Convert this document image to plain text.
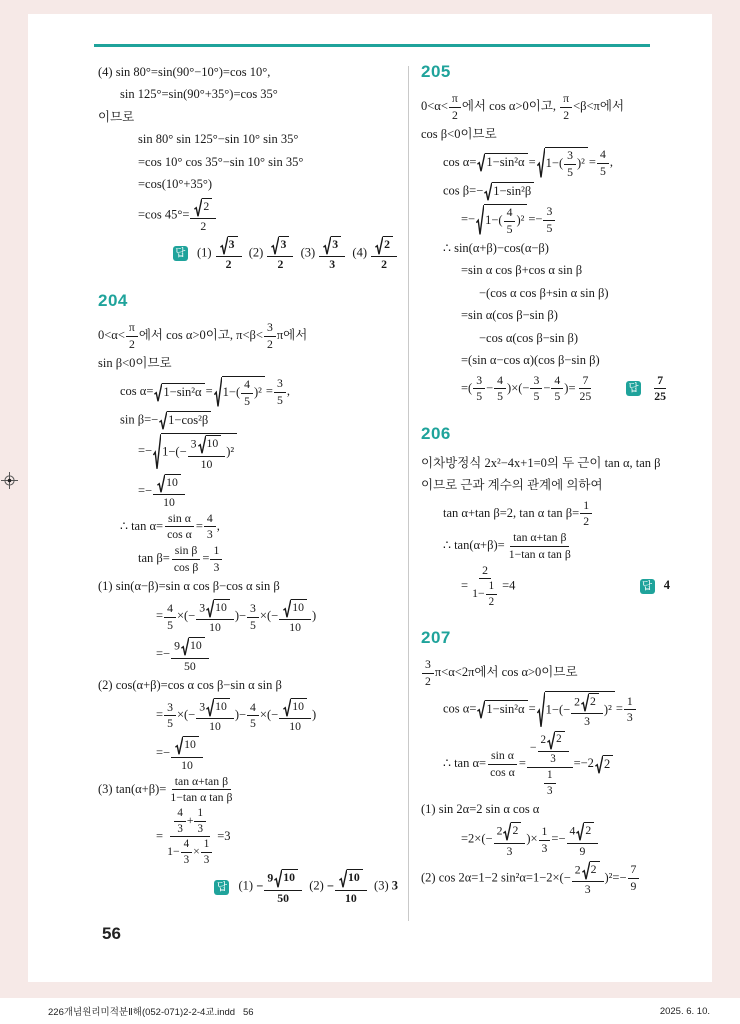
(4) sin 80°=sin(90°−10°)=cos 10°,
sin 125°=sin(90°+35°)=cos 35°
이므로
sin 80° sin 125°−sin 10° sin 35°
=cos 10° cos 35°−sin 10° sin 35°
=cos(10°+35°)
=cos $45^\circ= \frac{2}{2}$
답 $(1) \frac{3}{2} (2) \frac{3}{2} (3) \frac{3}{3} (4) \frac{2}{2}$
204
$0<\alpha< \frac{\pi}{2}$ 에서 cos α>0이고, $\pi<\beta< \frac{3}{2}$ π에서
sin β<0이므로
$\cos \alpha= 1-\sin^2\alpha = 1-( \frac{4}{5} )^2 = \frac{3}{5}$ ,
sin β=− 1−cos²β
=− $1-(- \frac{3 10}{10} )^2$
=− $\frac{10}{10}$
∴ $\tan \alpha= \frac{\text{sin α}}{\text{cos α}} = \frac{4}{3}$ ,
$\tan \beta= \frac{\text{sin β}}{\text{cos β}} = \frac{1}{3}$
(1) sin(α−β)=sin α cos β−cos α sin β
= $\frac{4}{5}$ ×(− $\frac{3 10}{10}$ )− $\frac{3}{5}$ ×(− $\frac{10}{10}$ )
=− $\frac{9 10}{50}$
(2) cos(α+β)=cos α cos β−sin α sin β
= $\frac{3}{5}$ ×(− $\frac{3 10}{10}$ )− $\frac{4}{5}$ ×(− $\frac{10}{10}$ )
=− $\frac{10}{10}$
(3) $\tan(\alpha+\beta)= \frac{\text{tan α+tan β}}{\text{1−tan α tan β}}$
= $\frac{\frac{4}{3} + \frac{1}{3}}{1- \frac{4}{3} \times \frac{1}{3}} =3$
답 $(1) - \frac{9 10}{50} (2) - \frac{10}{10} (3)$ 3
205
$0<\alpha< \frac{\pi}{2}$ 에서 cos α>0이고, $\frac{\pi}{2} <\beta<\pi$에서
cos β<0이므로
$\cos \alpha= 1-\sin^2\alpha = 1-( \frac{3}{5} )^2 = \frac{4}{5}$ ,
cos β=− 1−sin²β
=− $1-( \frac{4}{5} )^2 =- \frac{3}{5}$
∴ sin(α+β)−cos(α−β)
=sin α cos β+cos α sin β
−(cos α cos β+sin α sin β)
=sin α(cos β−sin β)
−cos α(cos β−sin β)
=(sin α−cos α)(cos β−sin β)
=( $\frac{3}{5} - \frac{4}{5}$ )×(− $\frac{3}{5} - \frac{4}{5}$ )= $\frac{7}{25}$	답 $\frac{7}{25}$
206
이차방정식 2x²−4x+1=0의 두 근이 tan α, tan β
이므로 근과 계수의 관계에 의하여
tan α+tan β=2, tan α $\tan \beta= \frac{1}{2}$
∴ $\tan(\alpha+\beta)= \frac{\text{tan α+tan β}}{\text{1−tan α tan β}}$
= $\frac{2}{1- \frac{1}{2}} =4$	답 4
207
$\frac{3}{2} \pi<\alpha<2\pi$에서 cos α>0이므로
$\cos \alpha= 1-\sin^2\alpha = 1-(- \frac{2 2}{3} )^2 = \frac{1}{3}$
∴ $\tan \alpha= \frac{\text{sin α}}{\text{cos α}} = \frac{- \frac{2 2}{3}}{\frac{1}{3}} =-2$ 2
(1) sin 2α=2 sin α cos α
$=2\times(- \frac{2 2}{3}$ )× $\frac{1}{3} =- \frac{4 2}{9}$
(2) cos 2α=1−2 $\sin^2\alpha=1-2\times(- \frac{2 2}{3} )^2=- \frac{7}{9}$
56
226개념원리미적분Ⅱ해(052-071)2-2-4교.indd   56	2025. 6. 10.
